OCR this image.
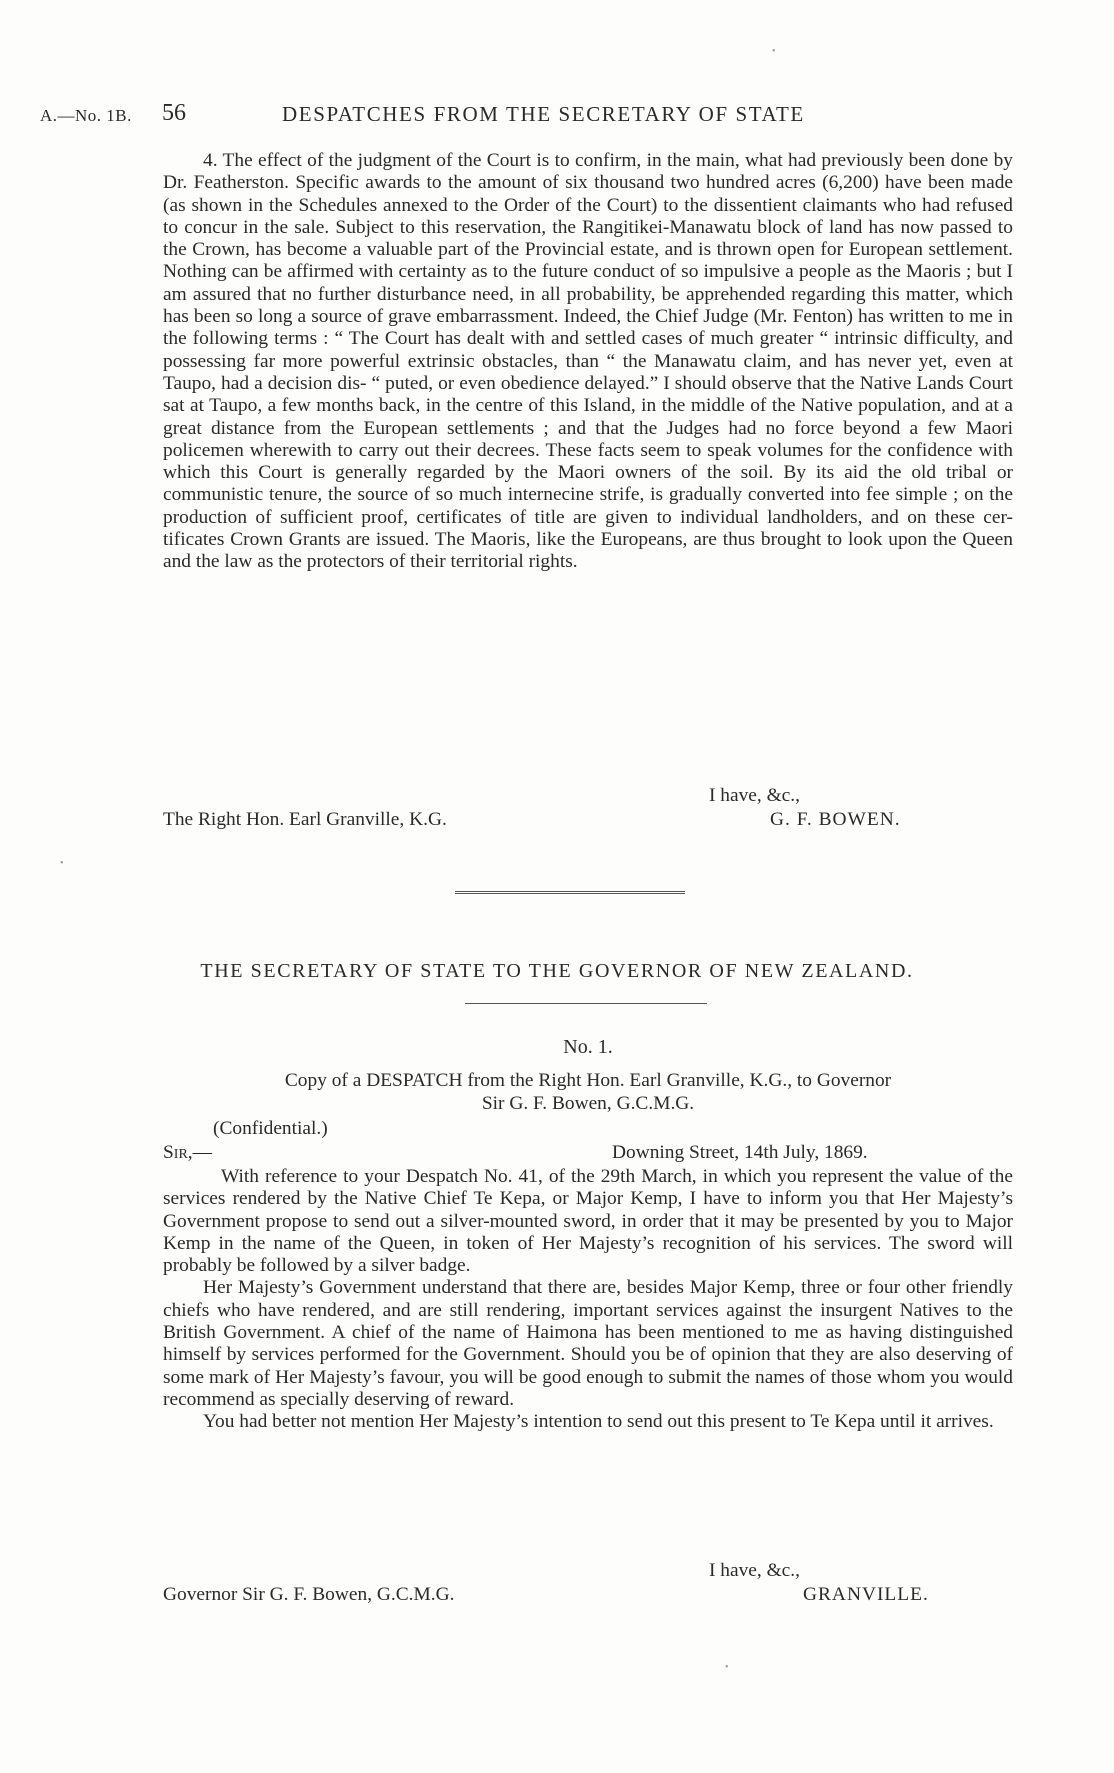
•
•
•
A.—No. 1B. 56	DESPATCHES FROM THE SECRETARY OF STATE

4. The effect of the judgment of the Court is to confirm, in the main, what had previously been done by Dr. Featherston. Specific awards to the amount of six thousand two hundred acres (6,200) have been made (as shown in the Schedules annexed to the Order of the Court) to the dissentient claimants who had refused to concur in the sale. Subject to this reservation, the Rangitikei-Manawatu block of land has now passed to the Crown, has become a valuable part of the Provincial estate, and is thrown open for European settlement. Nothing can be affirmed with certainty as to the future conduct of so impulsive a people as the Maoris ; but I am assured that no further disturbance need, in all probability, be apprehended regarding this matter, which has been so long a source of grave embarrassment. Indeed, the Chief Judge (Mr. Fenton) has written to me in the following terms : “ The Court has dealt with and settled cases of much greater “ intrinsic difficulty, and possessing far more powerful extrinsic obstacles, than “ the Manawatu claim, and has never yet, even at Taupo, had a decision dis- “ puted, or even obedience delayed.” I should observe that the Native Lands Court sat at Taupo, a few months back, in the centre of this Island, in the middle of the Native population, and at a great distance from the European settlements ; and that the Judges had no force beyond a few Maori policemen wherewith to carry out their decrees. These facts seem to speak volumes for the confidence with which this Court is generally regarded by the Maori owners of the soil. By its aid the old tribal or communistic tenure, the source of so much internecine strife, is gradually converted into fee simple ; on the production of sufficient proof, certificates of title are given to individual landholders, and on these cer- tificates Crown Grants are issued. The Maoris, like the Europeans, are thus brought to look upon the Queen and the law as the protectors of their territorial rights.

I have, &c.,
The Right Hon. Earl Granville, K.G.	G. F. BOWEN.
THE SECRETARY OF STATE TO THE GOVERNOR OF NEW ZEALAND.
No. 1.
Copy of a DESPATCH from the Right Hon. Earl Granville, K.G., to Governor
Sir G. F. Bowen, G.C.M.G.
(Confidential.)
Sir,—	Downing Street, 14th July, 1869.

With reference to your Despatch No. 41, of the 29th March, in which you represent the value of the services rendered by the Native Chief Te Kepa, or Major Kemp, I have to inform you that Her Majesty’s Government propose to send out a silver-mounted sword, in order that it may be presented by you to Major Kemp in the name of the Queen, in token of Her Majesty’s recognition of his services. The sword will probably be followed by a silver badge.

Her Majesty’s Government understand that there are, besides Major Kemp, three or four other friendly chiefs who have rendered, and are still rendering, important services against the insurgent Natives to the British Government. A chief of the name of Haimona has been mentioned to me as having distinguished himself by services performed for the Government. Should you be of opinion that they are also deserving of some mark of Her Majesty’s favour, you will be good enough to submit the names of those whom you would recommend as specially deserving of reward.

You had better not mention Her Majesty’s intention to send out this present to Te Kepa until it arrives.

I have, &c.,
Governor Sir G. F. Bowen, G.C.M.G.	GRANVILLE.
